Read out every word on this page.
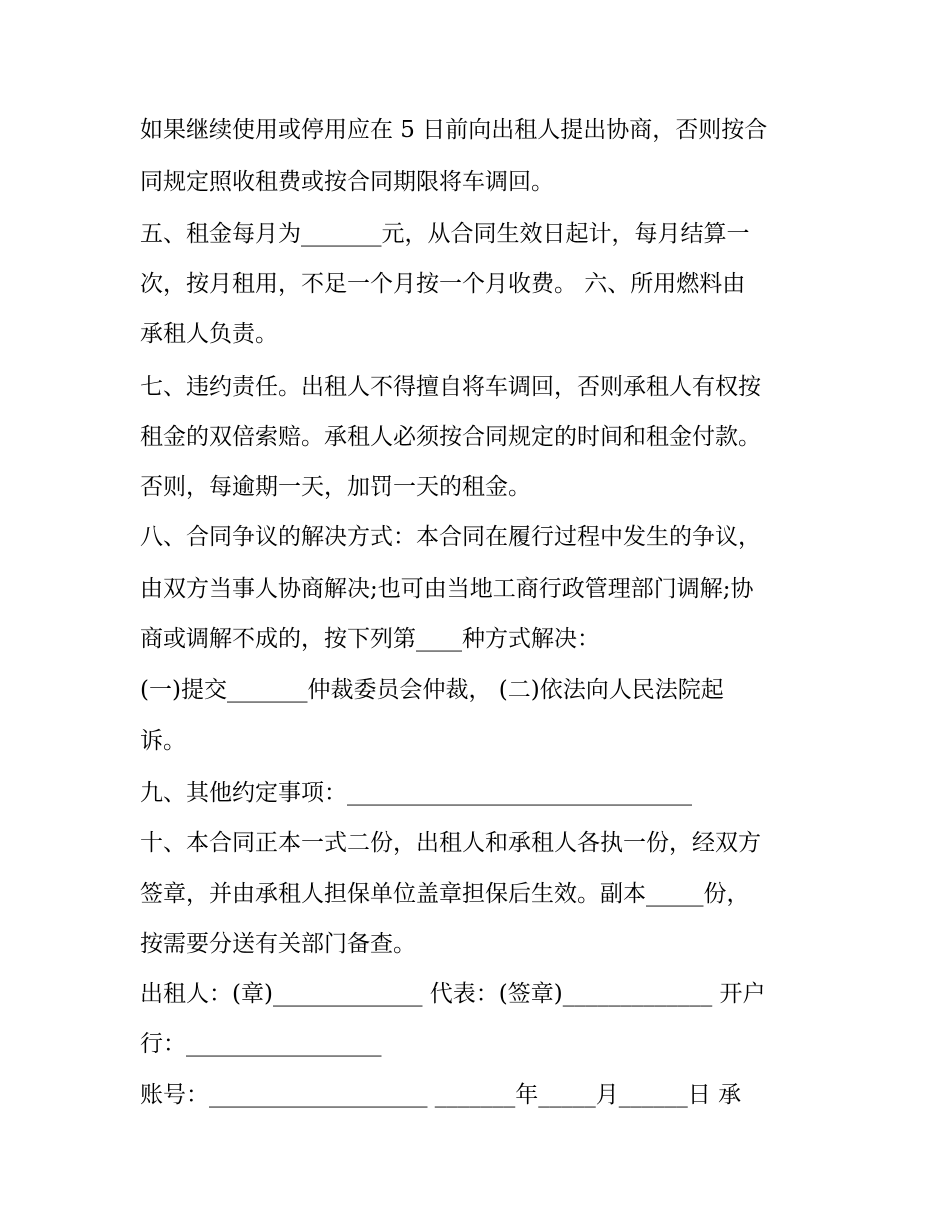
如果继续使用或停用应在 5 日前向出租人提出协商，否则按合

同规定照收租费或按合同期限将车调回。

五、租金每月为_______元，从合同生效日起计，每月结算一

次，按月租用，不足一个月按一个月收费。 六、所用燃料由

承租人负责。

七、违约责任。出租人不得擅自将车调回，否则承租人有权按

租金的双倍索赔。承租人必须按合同规定的时间和租金付款。

否则，每逾期一天，加罚一天的租金。

八、合同争议的解决方式：本合同在履行过程中发生的争议，

由双方当事人协商解决;也可由当地工商行政管理部门调解;协

商或调解不成的，按下列第____种方式解决：

(一)提交_______仲裁委员会仲裁， (二)依法向人民法院起

诉。

九、其他约定事项：______________________________

十、本合同正本一式二份，出租人和承租人各执一份，经双方

签章，并由承租人担保单位盖章担保后生效。副本_____份，

按需要分送有关部门备查。

出租人：(章)_____________ 代表：(签章)_____________ 开户

行：_________________

账号：___________________ _______年_____月______日 承
